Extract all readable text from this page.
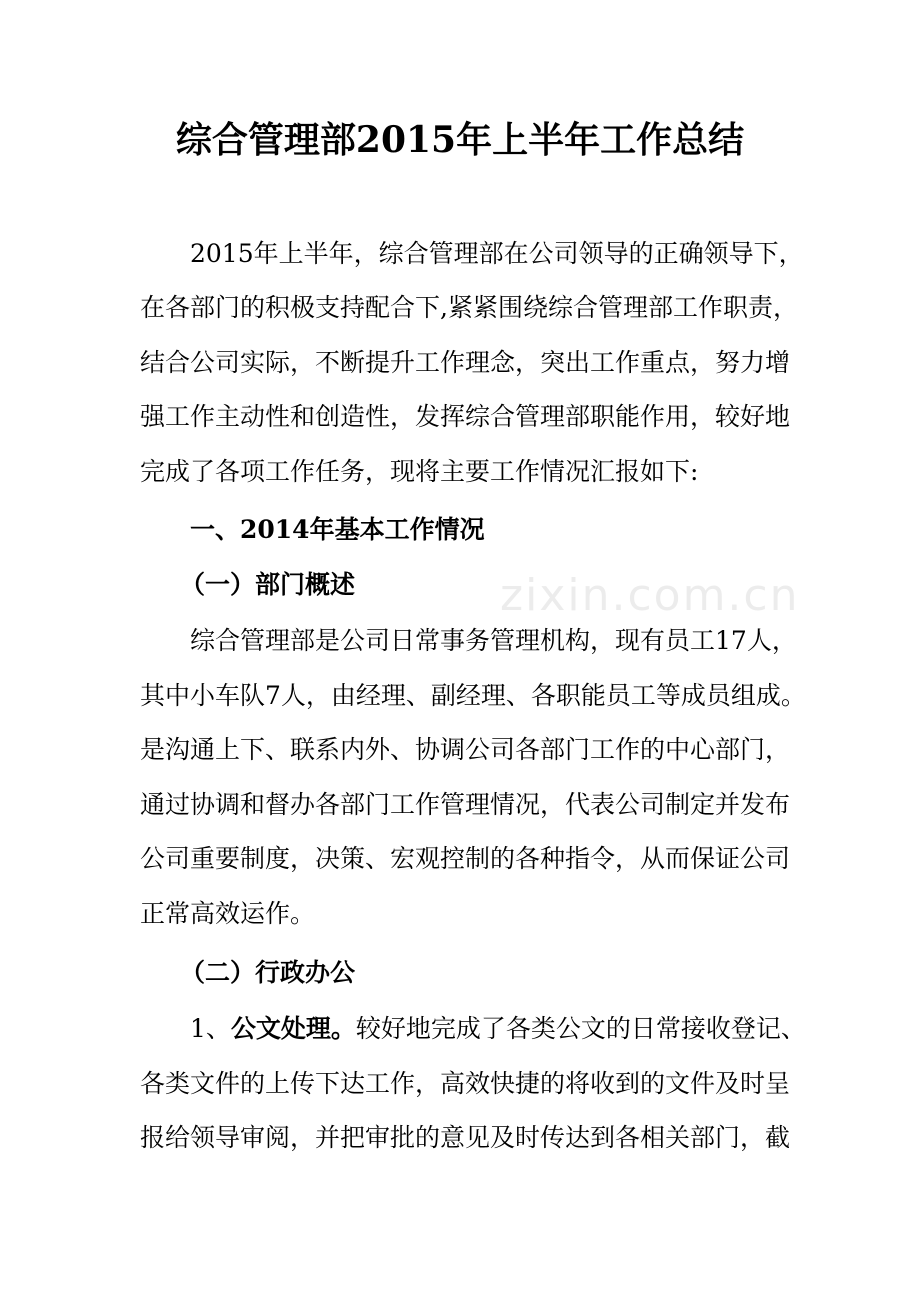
zixin.com.cn
综合管理部2015年上半年工作总结

2015年上半年，综合管理部在公司领导的正确领导下，

在各部门的积极支持配合下,紧紧围绕综合管理部工作职责，

结合公司实际，不断提升工作理念，突出工作重点，努力增

强工作主动性和创造性，发挥综合管理部职能作用，较好地

完成了各项工作任务，现将主要工作情况汇报如下:

一、2014年基本工作情况

（一）部门概述

综合管理部是公司日常事务管理机构，现有员工17人，

其中小车队7人，由经理、副经理、各职能员工等成员组成。

是沟通上下、联系内外、协调公司各部门工作的中心部门，

通过协调和督办各部门工作管理情况，代表公司制定并发布

公司重要制度，决策、宏观控制的各种指令，从而保证公司

正常高效运作。

（二）行政办公

1、公文处理。较好地完成了各类公文的日常接收登记、

各类文件的上传下达工作，高效快捷的将收到的文件及时呈

报给领导审阅，并把审批的意见及时传达到各相关部门，截
